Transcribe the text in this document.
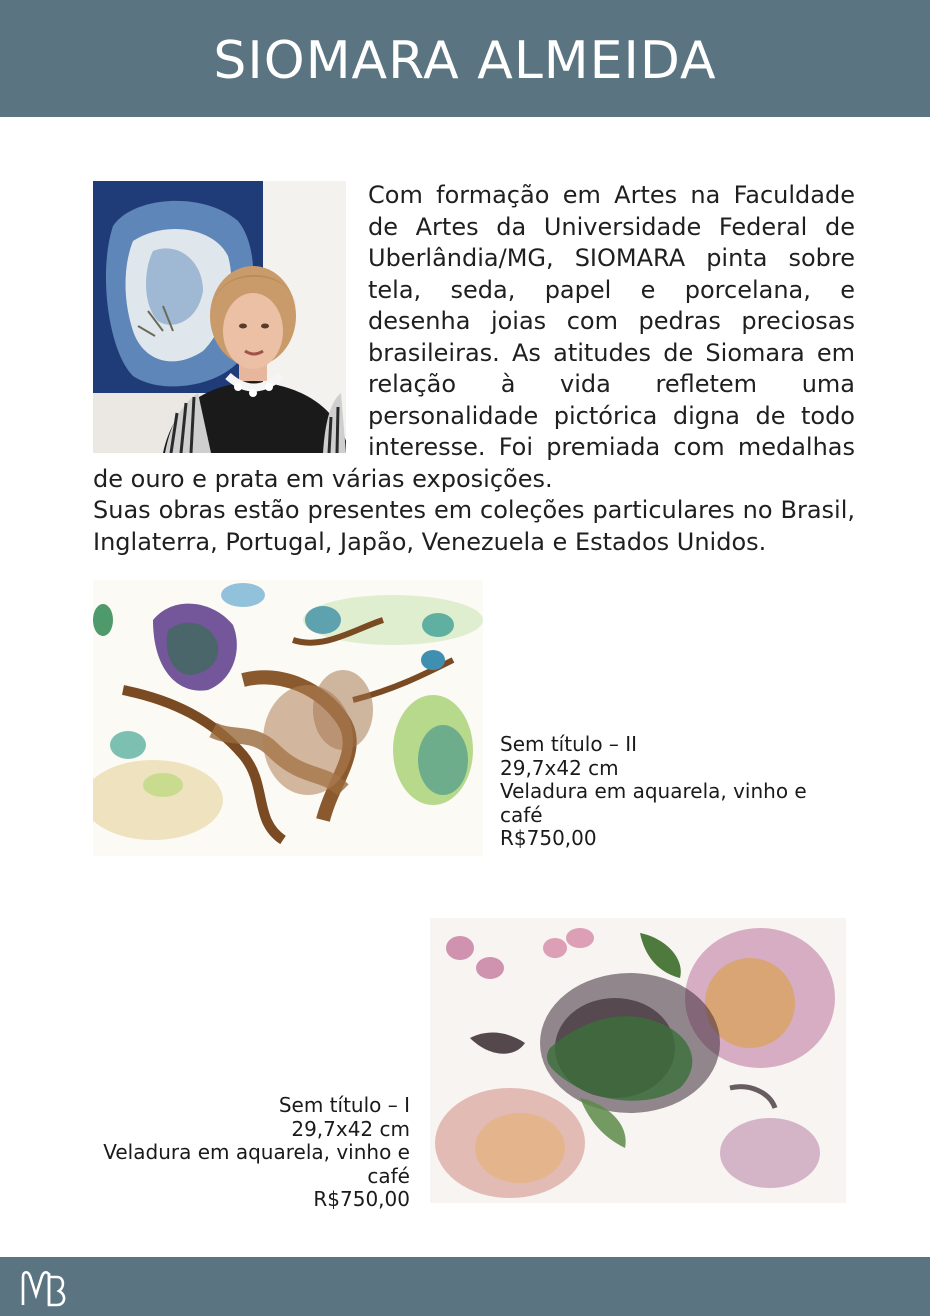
SIOMARA ALMEIDA

Com formação em Artes na Faculdade de Artes da Universidade Federal de Uberlândia/MG, SIOMARA pinta sobre tela, seda, papel e porcelana, e desenha joias com pedras preciosas brasileiras. As atitudes de Siomara em relação à vida refletem uma personalidade pictórica digna de todo interesse. Foi premiada com medalhas de ouro e prata em várias exposições.

Suas obras estão presentes em coleções particulares no Brasil, Inglaterra, Portugal, Japão, Venezuela e Estados Unidos.

Sem título – II
29,7x42 cm
Veladura em aquarela, vinho e café
R$750,00
Sem título – I
29,7x42 cm
Veladura em aquarela, vinho e café
R$750,00
